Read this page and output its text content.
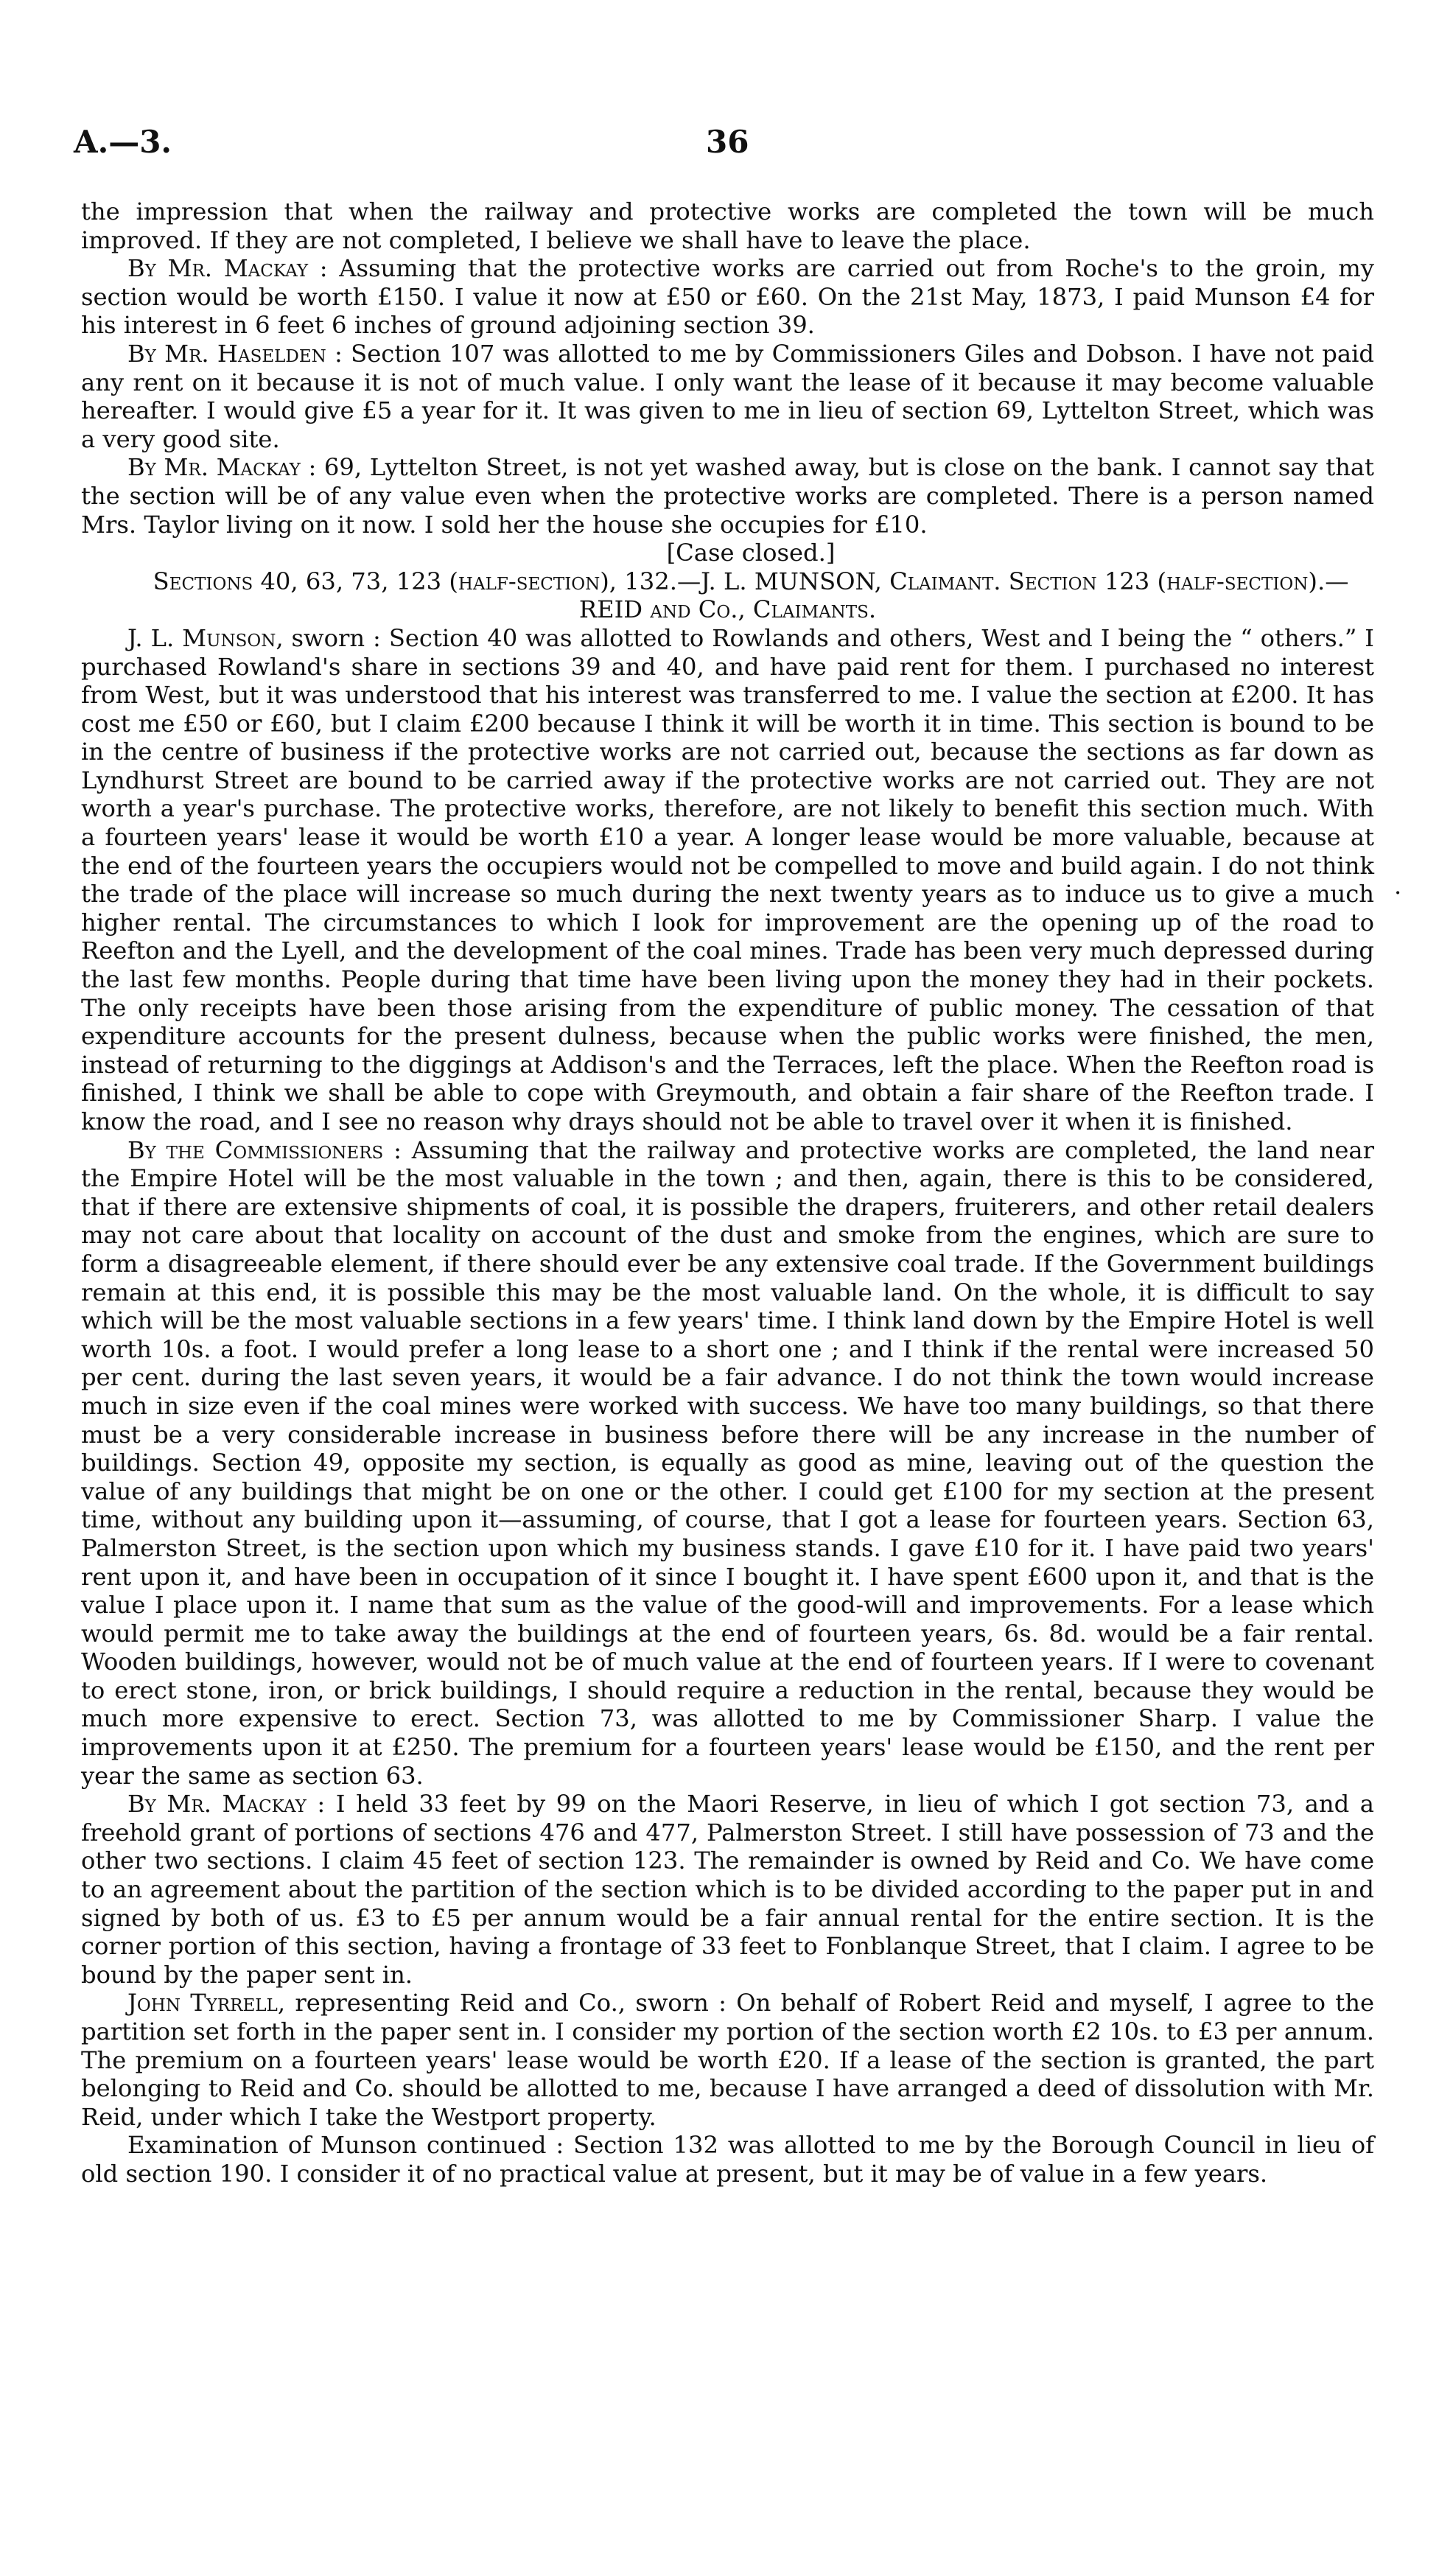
A.—3.	36

the impression that when the railway and protective works are completed the town will be much improved. If they are not completed, I believe we shall have to leave the place.

By Mr. Mackay : Assuming that the protective works are carried out from Roche's to the groin, my section would be worth £150. I value it now at £50 or £60. On the 21st May, 1873, I paid Munson £4 for his interest in 6 feet 6 inches of ground adjoining section 39.

By Mr. Haselden : Section 107 was allotted to me by Commissioners Giles and Dobson. I have not paid any rent on it because it is not of much value. I only want the lease of it because it may become valuable hereafter. I would give £5 a year for it. It was given to me in lieu of section 69, Lyttelton Street, which was a very good site.

By Mr. Mackay : 69, Lyttelton Street, is not yet washed away, but is close on the bank. I cannot say that the section will be of any value even when the protective works are completed. There is a person named Mrs. Taylor living on it now. I sold her the house she occupies for £10.

[Case closed.]

Sections 40, 63, 73, 123 (half-section), 132.—J. L. MUNSON, Claimant. Section 123 (half-section).—REID and Co., Claimants.

J. L. Munson, sworn : Section 40 was allotted to Rowlands and others, West and I being the “ others.” I purchased Rowland's share in sections 39 and 40, and have paid rent for them. I purchased no interest from West, but it was understood that his interest was transferred to me. I value the section at £200. It has cost me £50 or £60, but I claim £200 because I think it will be worth it in time. This section is bound to be in the centre of business if the protective works are not carried out, because the sections as far down as Lyndhurst Street are bound to be carried away if the protective works are not carried out. They are not worth a year's purchase. The protective works, therefore, are not likely to benefit this section much. With a fourteen years' lease it would be worth £10 a year. A longer lease would be more valuable, because at the end of the fourteen years the occupiers would not be compelled to move and build again. I do not think the trade of the place will increase so much during the next twenty years as to induce us to give a much higher rental. The circumstances to which I look for improvement are the opening up of the road to Reefton and the Lyell, and the development of the coal mines. Trade has been very much depressed during the last few months. People during that time have been living upon the money they had in their pockets. The only receipts have been those arising from the expenditure of public money. The cessation of that expenditure accounts for the present dulness, because when the public works were finished, the men, instead of returning to the diggings at Addison's and the Terraces, left the place. When the Reefton road is finished, I think we shall be able to cope with Greymouth, and obtain a fair share of the Reefton trade. I know the road, and I see no reason why drays should not be able to travel over it when it is finished.

By the Commissioners : Assuming that the railway and protective works are completed, the land near the Empire Hotel will be the most valuable in the town ; and then, again, there is this to be considered, that if there are extensive shipments of coal, it is possible the drapers, fruiterers, and other retail dealers may not care about that locality on account of the dust and smoke from the engines, which are sure to form a disagreeable element, if there should ever be any extensive coal trade. If the Government buildings remain at this end, it is possible this may be the most valuable land. On the whole, it is difficult to say which will be the most valuable sections in a few years' time. I think land down by the Empire Hotel is well worth 10s. a foot. I would prefer a long lease to a short one ; and I think if the rental were increased 50 per cent. during the last seven years, it would be a fair advance. I do not think the town would increase much in size even if the coal mines were worked with success. We have too many buildings, so that there must be a very considerable increase in business before there will be any increase in the number of buildings. Section 49, opposite my section, is equally as good as mine, leaving out of the question the value of any buildings that might be on one or the other. I could get £100 for my section at the present time, without any building upon it—assuming, of course, that I got a lease for fourteen years. Section 63, Palmerston Street, is the section upon which my business stands. I gave £10 for it. I have paid two years' rent upon it, and have been in occupation of it since I bought it. I have spent £600 upon it, and that is the value I place upon it. I name that sum as the value of the good-will and improvements. For a lease which would permit me to take away the buildings at the end of fourteen years, 6s. 8d. would be a fair rental. Wooden buildings, however, would not be of much value at the end of fourteen years. If I were to covenant to erect stone, iron, or brick buildings, I should require a reduction in the rental, because they would be much more expensive to erect. Section 73, was allotted to me by Commissioner Sharp. I value the improvements upon it at £250. The premium for a fourteen years' lease would be £150, and the rent per year the same as section 63.

By Mr. Mackay : I held 33 feet by 99 on the Maori Reserve, in lieu of which I got section 73, and a freehold grant of portions of sections 476 and 477, Palmerston Street. I still have possession of 73 and the other two sections. I claim 45 feet of section 123. The remainder is owned by Reid and Co. We have come to an agreement about the partition of the section which is to be divided according to the paper put in and signed by both of us. £3 to £5 per annum would be a fair annual rental for the entire section. It is the corner portion of this section, having a frontage of 33 feet to Fonblanque Street, that I claim. I agree to be bound by the paper sent in.

John Tyrrell, representing Reid and Co., sworn : On behalf of Robert Reid and myself, I agree to the partition set forth in the paper sent in. I consider my portion of the section worth £2 10s. to £3 per annum. The premium on a fourteen years' lease would be worth £20. If a lease of the section is granted, the part belonging to Reid and Co. should be allotted to me, because I have arranged a deed of dissolution with Mr. Reid, under which I take the Westport property.

Examination of Munson continued : Section 132 was allotted to me by the Borough Council in lieu of old section 190. I consider it of no practical value at present, but it may be of value in a few years.

.
